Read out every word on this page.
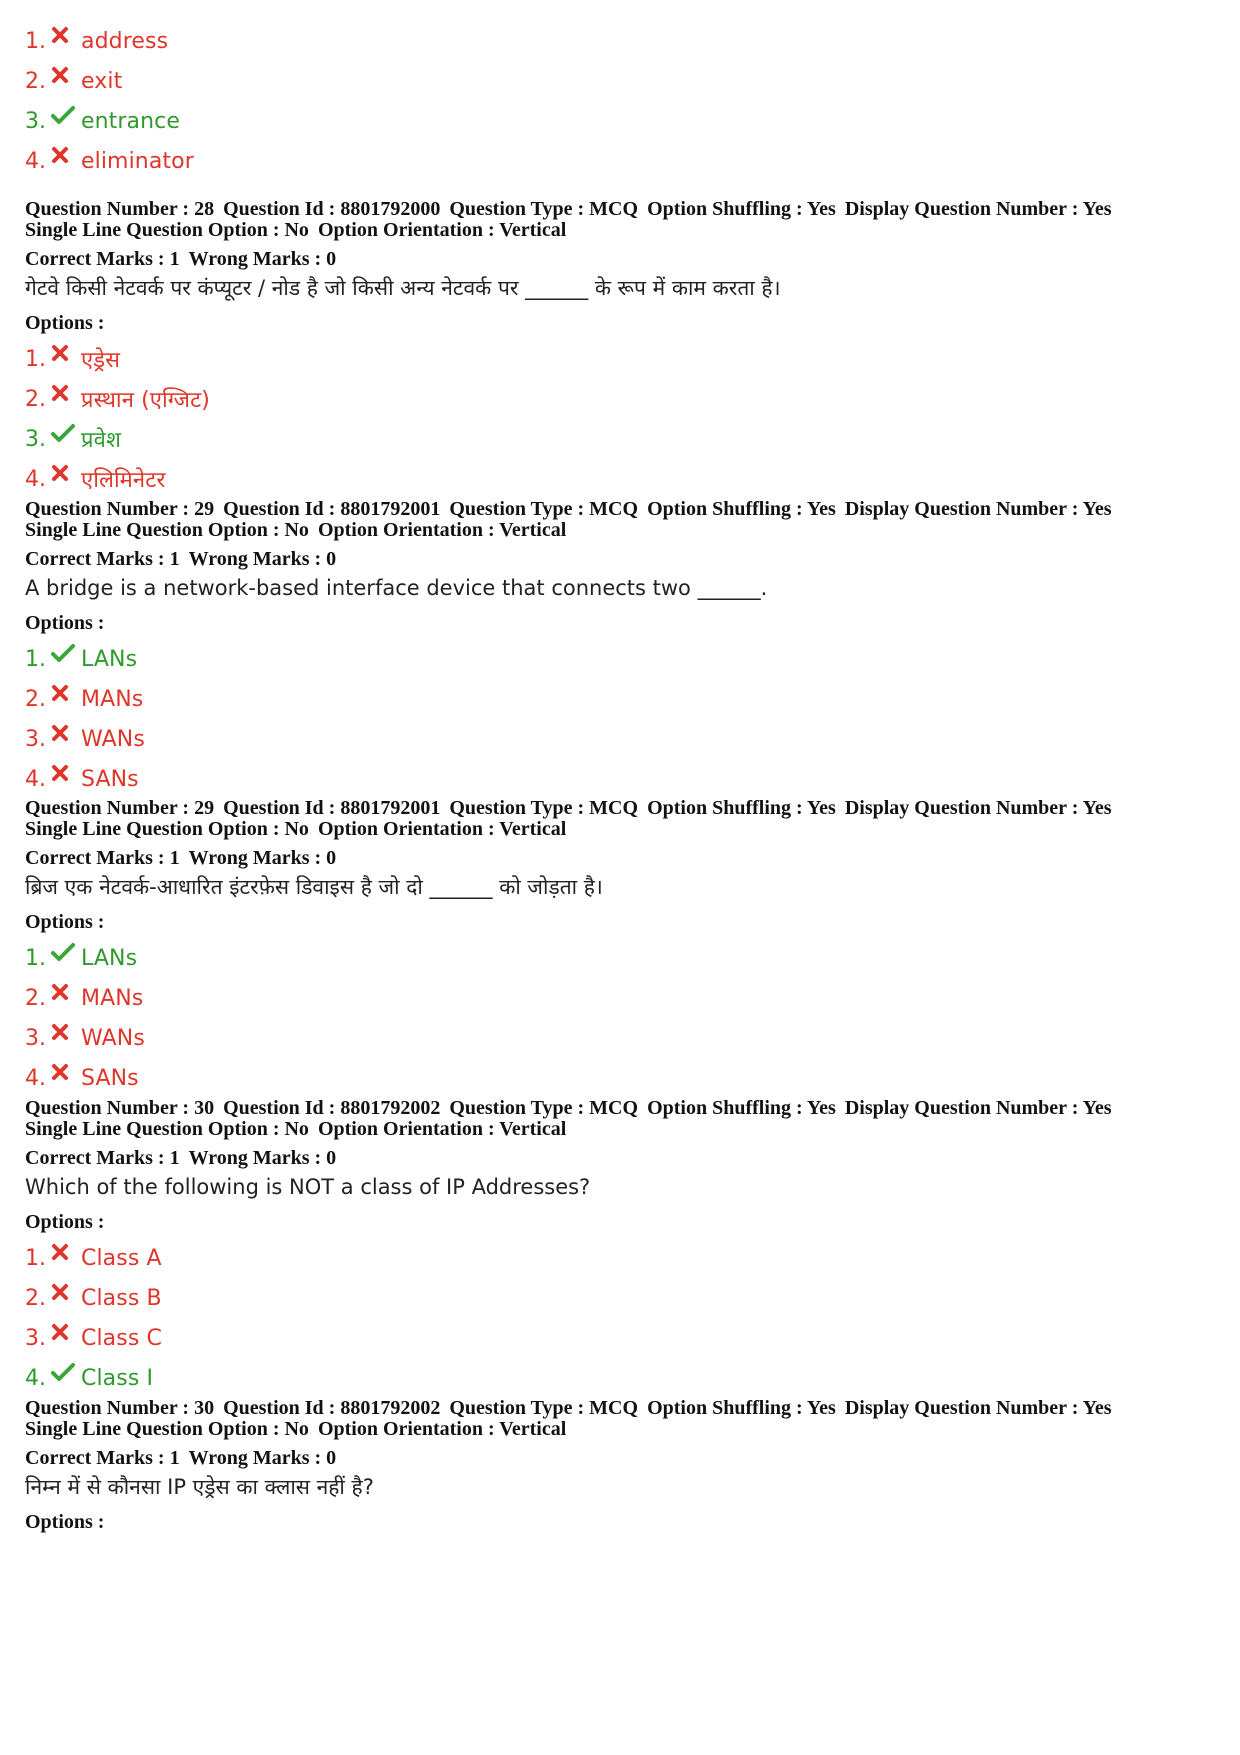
1. address
2. exit
3. entrance
4. eliminator
Question Number : 28 Question Id : 8801792000 Question Type : MCQ Option Shuffling : Yes Display Question Number : Yes
Single Line Question Option : No Option Orientation : Vertical
Correct Marks : 1 Wrong Marks : 0
गेटवे किसी नेटवर्क पर कंप्यूटर / नोड है जो किसी अन्य नेटवर्क पर ______ के रूप में काम करता है।
Options :
1. एड्रेस
2. प्रस्थान (एग्जिट)
3. प्रवेश
4. एलिमिनेटर
Question Number : 29 Question Id : 8801792001 Question Type : MCQ Option Shuffling : Yes Display Question Number : Yes
Single Line Question Option : No Option Orientation : Vertical
Correct Marks : 1 Wrong Marks : 0
A bridge is a network-based interface device that connects two ______.
Options :
1. LANs
2. MANs
3. WANs
4. SANs
Question Number : 29 Question Id : 8801792001 Question Type : MCQ Option Shuffling : Yes Display Question Number : Yes
Single Line Question Option : No Option Orientation : Vertical
Correct Marks : 1 Wrong Marks : 0
ब्रिज एक नेटवर्क-आधारित इंटरफ़ेस डिवाइस है जो दो ______ को जोड़ता है।
Options :
1. LANs
2. MANs
3. WANs
4. SANs
Question Number : 30 Question Id : 8801792002 Question Type : MCQ Option Shuffling : Yes Display Question Number : Yes
Single Line Question Option : No Option Orientation : Vertical
Correct Marks : 1 Wrong Marks : 0
Which of the following is NOT a class of IP Addresses?
Options :
1. Class A
2. Class B
3. Class C
4. Class I
Question Number : 30 Question Id : 8801792002 Question Type : MCQ Option Shuffling : Yes Display Question Number : Yes
Single Line Question Option : No Option Orientation : Vertical
Correct Marks : 1 Wrong Marks : 0
निम्न में से कौनसा IP एड्रेस का क्लास नहीं है?
Options :
